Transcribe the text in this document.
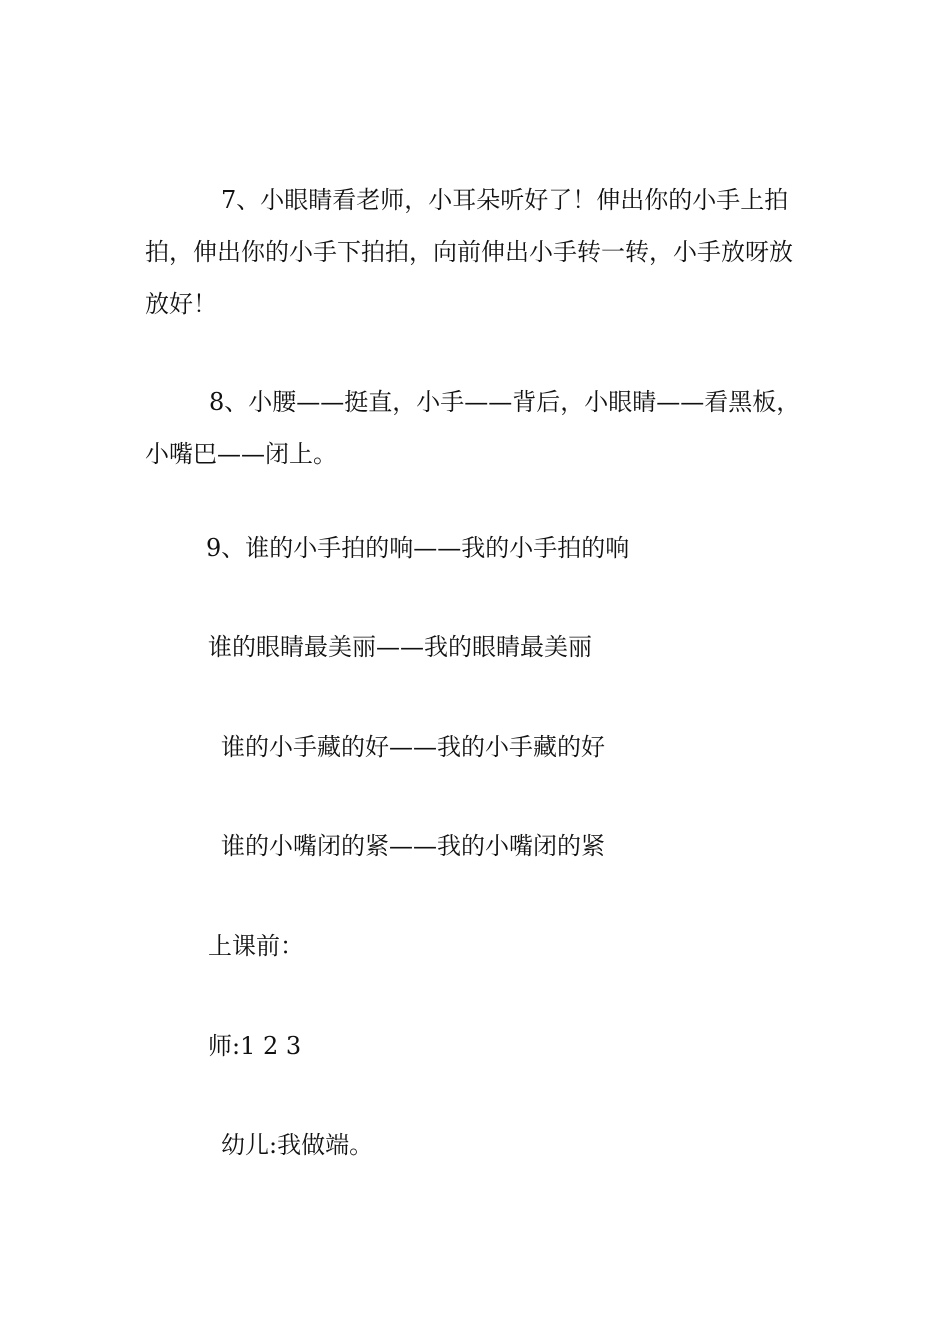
7、小眼睛看老师，小耳朵听好了！伸出你的小手上拍拍，伸出你的小手下拍拍，向前伸出小手转一转，小手放呀放放好！

8、小腰——挺直，小手——背后，小眼睛——看黑板，小嘴巴——闭上。

9、谁的小手拍的响——我的小手拍的响

谁的眼睛最美丽——我的眼睛最美丽

谁的小手藏的好——我的小手藏的好

谁的小嘴闭的紧——我的小嘴闭的紧

上课前：

师:1 2 3

幼儿:我做端。
